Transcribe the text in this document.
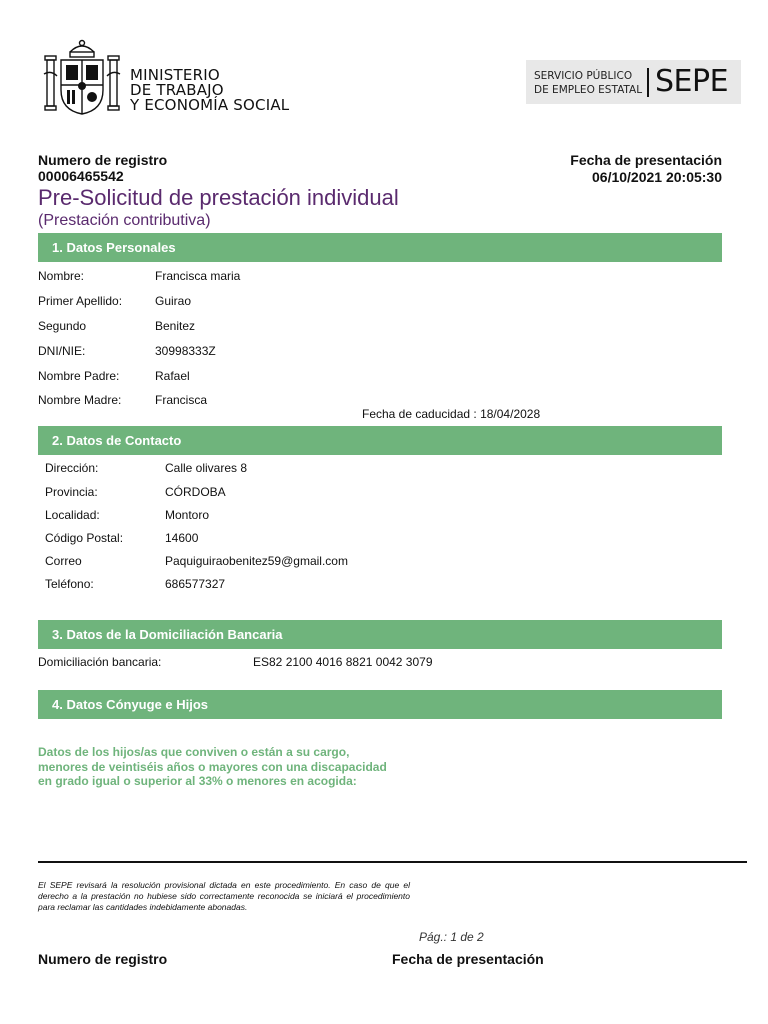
MINISTERIO
DE TRABAJO
Y ECONOMÍA SOCIAL
SERVICIO PÚBLICO
DE EMPLEO ESTATAL SEPE
Numero de registro
00006465542
Fecha de presentación
06/10/2021 20:05:30
Pre-Solicitud de prestación individual
(Prestación contributiva)
1. Datos Personales
Nombre:	Francisca maria
Primer Apellido:	Guirao
Segundo	Benitez
DNI/NIE:	30998333Z
Nombre Padre:	Rafael
Nombre Madre:	Francisca
Fecha de caducidad : 18/04/2028
2. Datos de Contacto
Dirección:	Calle olivares 8
Provincia:	CÓRDOBA
Localidad:	Montoro
Código Postal:	14600
Correo	Paquiguiraobenitez59@gmail.com
Teléfono:	686577327
3. Datos de la Domiciliación Bancaria
Domiciliación bancaria:	ES82 2100 4016 8821 0042 3079
4. Datos Cónyuge e Hijos
Datos de los hijos/as que conviven o están a su cargo,
menores de veintiséis años o mayores con una discapacidad
en grado igual o superior al 33% o menores en acogida:
El SEPE revisará la resolución provisional dictada en este procedimiento. En caso de que el derecho a la prestación no hubiese sido correctamente reconocida se iniciará el procedimiento para reclamar las cantidades indebidamente abonadas.
Pág.: 1 de 2
Numero de registro	Fecha de presentación
